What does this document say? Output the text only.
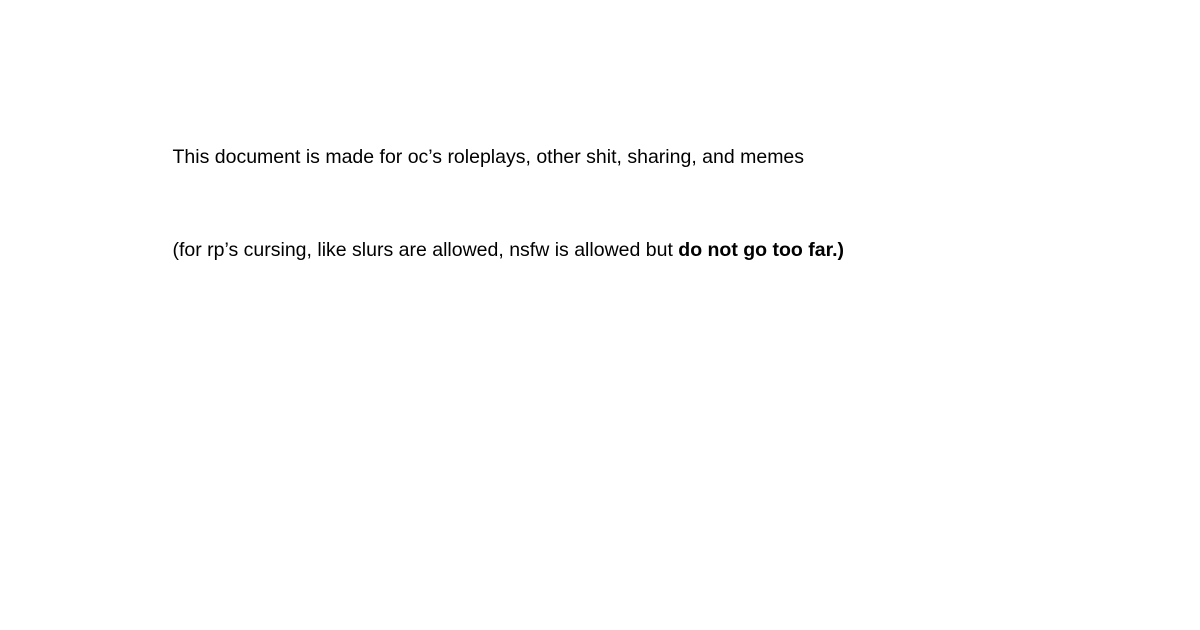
This document is made for oc’s roleplays, other shit, sharing, and memes

(for rp’s cursing, like slurs are allowed, nsfw is allowed but do not go too far.)
